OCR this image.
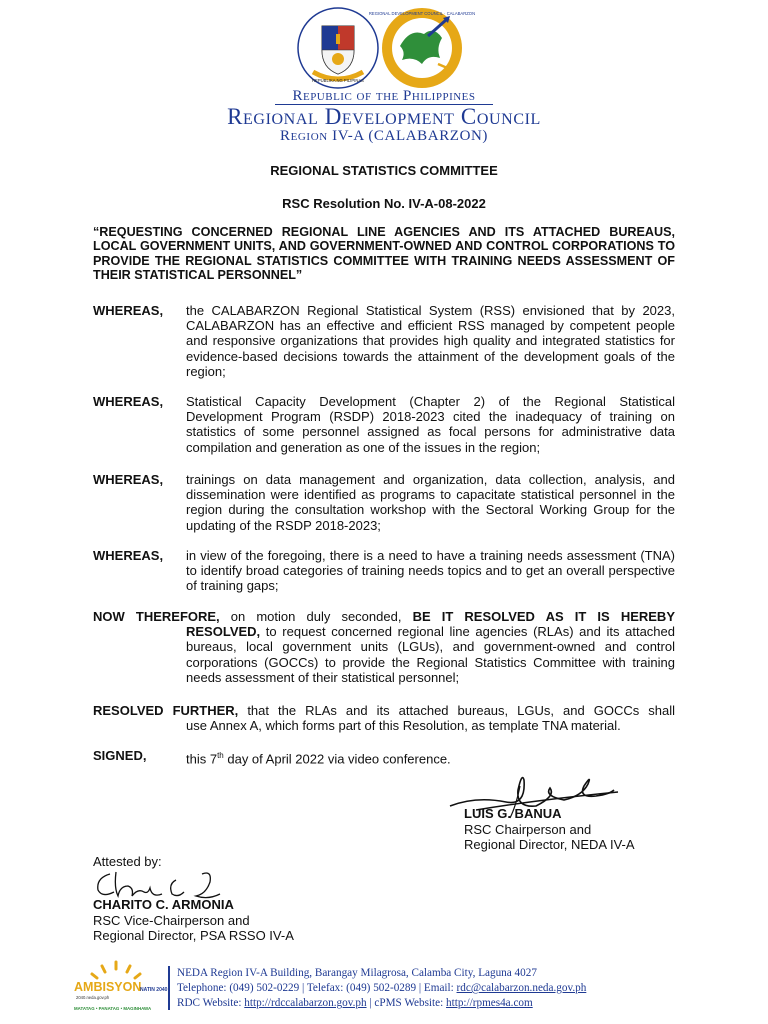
REPUBLIKA NG PILIPINAS
REGIONAL DEVELOPMENT COUNCIL · CALABARZON
Republic of the Philippines
Regional Development Council
Region IV-A (CALABARZON)
REGIONAL STATISTICS COMMITTEE
RSC Resolution No. IV-A-08-2022
“REQUESTING CONCERNED REGIONAL LINE AGENCIES AND ITS ATTACHED BUREAUS, LOCAL GOVERNMENT UNITS, AND GOVERNMENT-OWNED AND CONTROL CORPORATIONS TO PROVIDE THE REGIONAL STATISTICS COMMITTEE WITH TRAINING NEEDS ASSESSMENT OF THEIR STATISTICAL PERSONNEL”
WHEREAS, the CALABARZON Regional Statistical System (RSS) envisioned that by 2023, CALABARZON has an effective and efficient RSS managed by competent people and responsive organizations that provides high quality and integrated statistics for evidence-based decisions towards the attainment of the development goals of the region;
WHEREAS, Statistical Capacity Development (Chapter 2) of the Regional Statistical Development Program (RSDP) 2018-2023 cited the inadequacy of training on statistics of some personnel assigned as focal persons for administrative data compilation and generation as one of the issues in the region;
WHEREAS, trainings on data management and organization, data collection, analysis, and dissemination were identified as programs to capacitate statistical personnel in the region during the consultation workshop with the Sectoral Working Group for the updating of the RSDP 2018-2023;
WHEREAS, in view of the foregoing, there is a need to have a training needs assessment (TNA) to identify broad categories of training needs topics and to get an overall perspective of training gaps;
NOW THEREFORE, on motion duly seconded, BE IT RESOLVED AS IT IS HEREBY
RESOLVED, to request concerned regional line agencies (RLAs) and its attached bureaus, local government units (LGUs), and government-owned and control corporations (GOCCs) to provide the Regional Statistics Committee with training needs assessment of their statistical personnel;
RESOLVED FURTHER, that the RLAs and its attached bureaus, LGUs, and GOCCs shall
use Annex A, which forms part of this Resolution, as template TNA material.
SIGNED,	this 7th day of April 2022 via video conference.
LUIS G. BANUA
RSC Chairperson and
Regional Director, NEDA IV-A
Attested by:
CHARITO C. ARMONIA
RSC Vice-Chairperson and
Regional Director, PSA RSSO IV-A
AMBISYON
NATIN 2040
2040.neda.gov.ph
MATATAG • PANATAG • MAGINHAWA
NEDA Region IV-A Building, Barangay Milagrosa, Calamba City, Laguna 4027
Telephone: (049) 502-0229 | Telefax: (049) 502-0289 | Email: rdc@calabarzon.neda.gov.ph
RDC Website: http://rdccalabarzon.gov.ph | cPMS Website: http://rpmes4a.com
